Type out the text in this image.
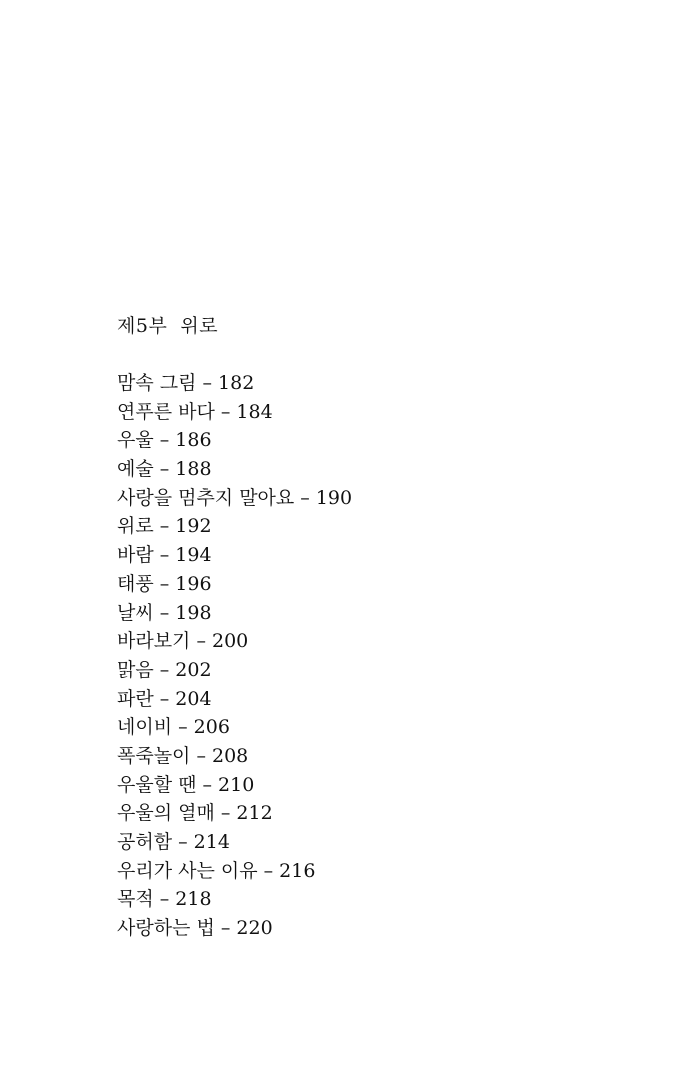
제5부  위로
맘속 그림 – 182
연푸른 바다 – 184
우울 – 186
예술 – 188
사랑을 멈추지 말아요 – 190
위로 – 192
바람 – 194
태풍 – 196
날씨 – 198
바라보기 – 200
맑음 – 202
파란 – 204
네이비 – 206
폭죽놀이 – 208
우울할 땐 – 210
우울의 열매 – 212
공허함 – 214
우리가 사는 이유 – 216
목적 – 218
사랑하는 법 – 220
